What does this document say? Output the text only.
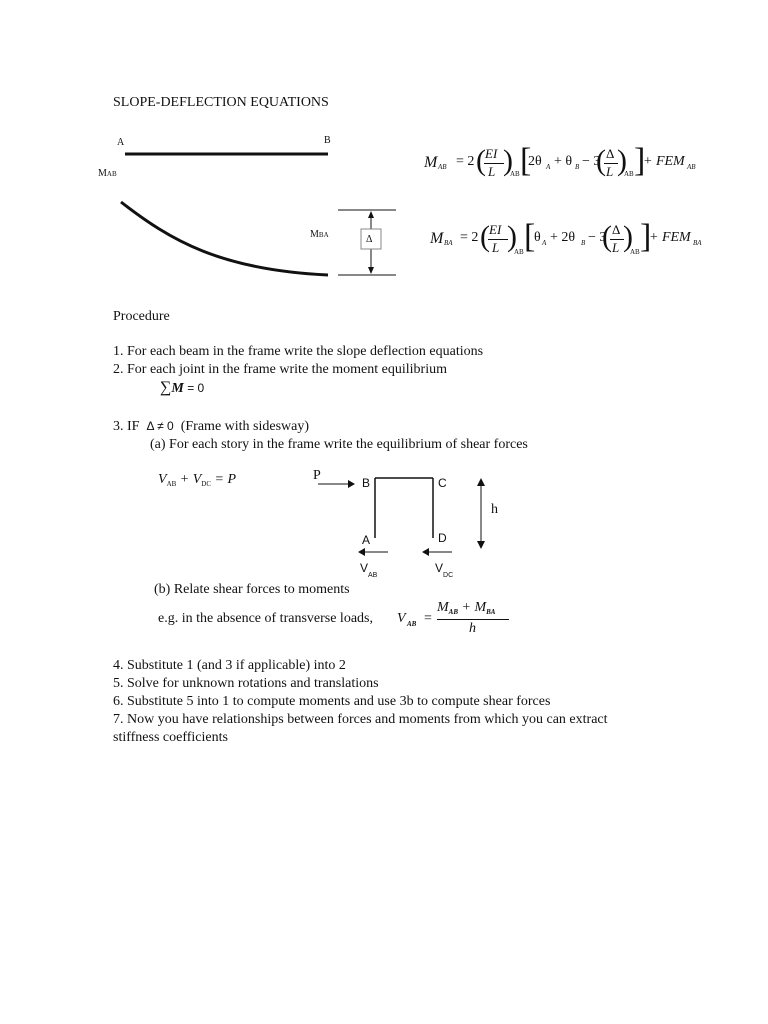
SLOPE-DEFLECTION EQUATIONS
A	B
MAB
MBA	Δ
M AB = 2 ( EI
L )
AB [
2θ A + θ B − 3
( Δ
L )
AB ]
+ FEM AB
M BA = 2 ( EI
L )
AB [
θ A + 2θ B − 3
( Δ
L )
AB ]
+ FEM BA
Procedure
1. For each beam in the frame write the slope deflection equations
2. For each joint in the frame write the moment equilibrium
∑M = 0
3. IF Δ ≠ 0 (Frame with sidesway)
(a) For each story in the frame write the equilibrium of shear forces
$V_{AB} + V_{DC} = P$	P	B	C
A	D
h
$V_{AB}$
$V_{DC}$
(b) Relate shear forces to moments
e.g. in the absence of transverse loads, V AB =
$M_{AB} + M_{BA}$
h
4. Substitute 1 (and 3 if applicable) into 2
5. Solve for unknown rotations and translations
6. Substitute 5 into 1 to compute moments and use 3b to compute shear forces
7. Now you have relationships between forces and moments from which you can extract
stiffness coefficients
